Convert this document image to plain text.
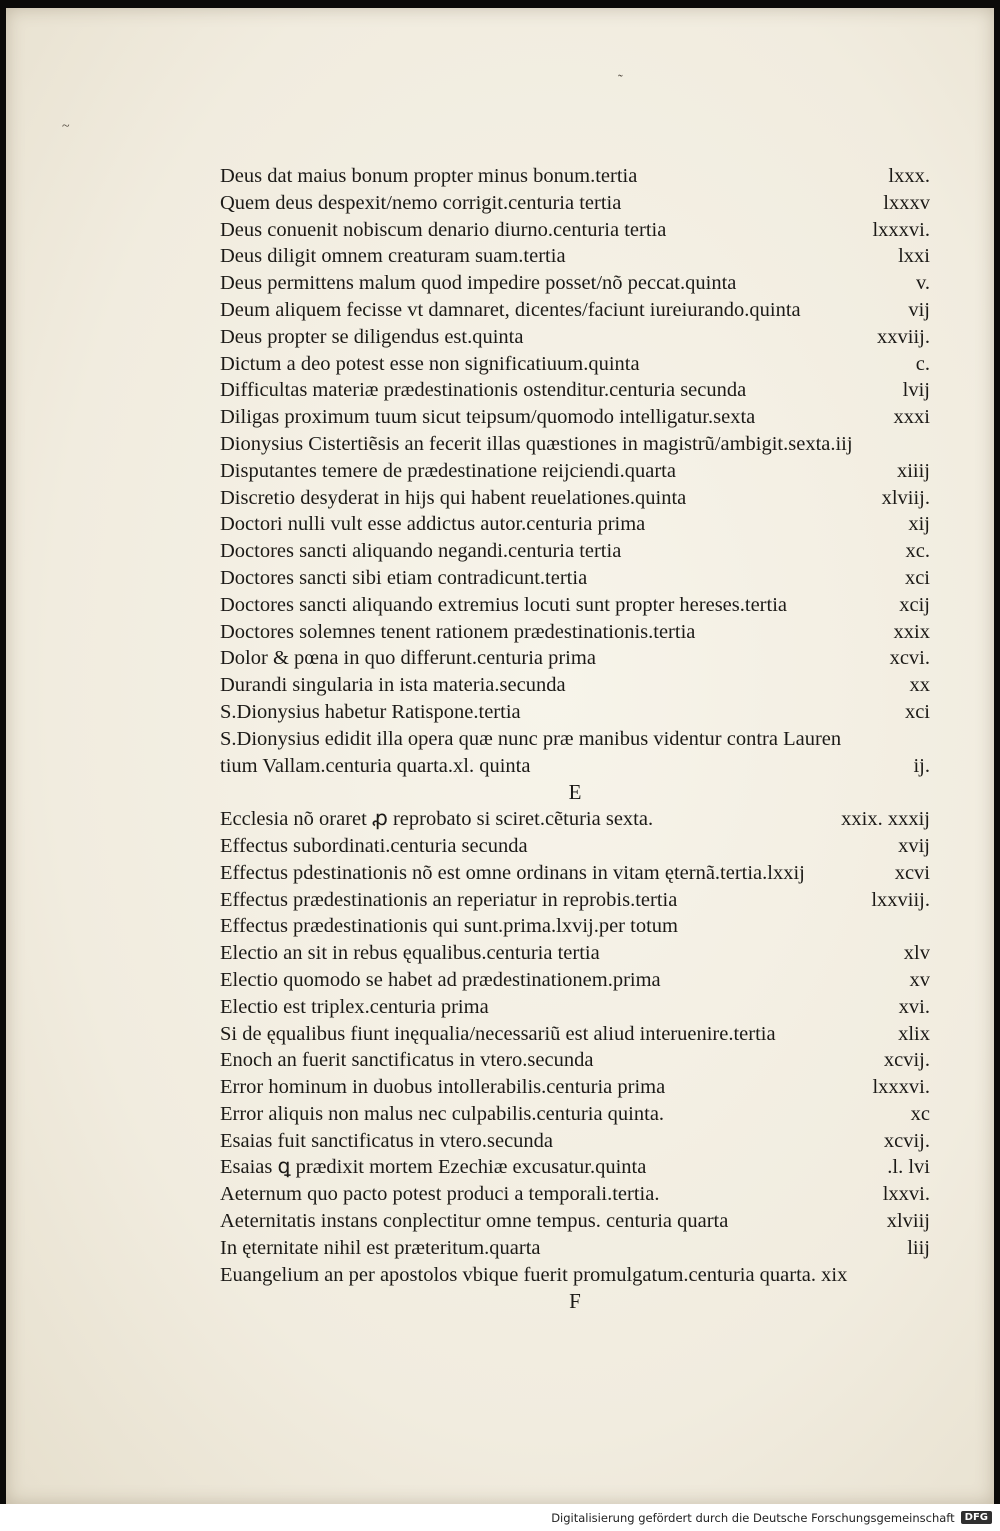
~
˜
Deus dat maius bonum propter minus bonum.tertia	lxxx.
Quem deus despexit/nemo corrigit.centuria tertia	lxxxv
Deus conuenit nobiscum denario diurno.centuria tertia	lxxxvi.
Deus diligit omnem creaturam suam.tertia	lxxi
Deus permittens malum quod impedire posset/nõ peccat.quinta	v.
Deum aliquem fecisse vt damnaret, dicentes/faciunt iureiurando.quinta	vij
Deus propter se diligendus est.quinta	xxviij.
Dictum a deo potest esse non significatiuum.quinta	c.
Difficultas materiæ prædestinationis ostenditur.centuria secunda	lvij
Diligas proximum tuum sicut teipsum/quomodo intelligatur.sexta	xxxi
Dionysius Cistertiẽsis an fecerit illas quæstiones in magistrũ/ambigit.sexta.iij
Disputantes temere de prædestinatione reijciendi.quarta	xiiij
Discretio desyderat in hijs qui habent reuelationes.quinta	xlviij.
Doctori nulli vult esse addictus autor.centuria prima	xij
Doctores sancti aliquando negandi.centuria tertia	xc.
Doctores sancti sibi etiam contradicunt.tertia	xci
Doctores sancti aliquando extremius locuti sunt propter hereses.tertia	xcij
Doctores solemnes tenent rationem prædestinationis.tertia	xxix
Dolor & pœna in quo differunt.centuria prima	xcvi.
Durandi singularia in ista materia.secunda	xx
S.Dionysius habetur Ratispone.tertia	xci
S.Dionysius edidit illa opera quæ nunc præ manibus videntur contra Lauren
tium Vallam.centuria quarta.xl. quinta	ij.
E
Ecclesia nõ oraret ꝓ reprobato si sciret.cẽturia sexta.	xxix. xxxij
Effectus subordinati.centuria secunda	xvij
Effectus pdestinationis nõ est omne ordinans in vitam ęternã.tertia.lxxij	xcvi
Effectus prædestinationis an reperiatur in reprobis.tertia	lxxviij.
Effectus prædestinationis qui sunt.prima.lxvij.per totum
Electio an sit in rebus ęqualibus.centuria tertia	xlv
Electio quomodo se habet ad prædestinationem.prima	xv
Electio est triplex.centuria prima	xvi.
Si de ęqualibus fiunt inęqualia/necessariũ est aliud interuenire.tertia	xlix
Enoch an fuerit sanctificatus in vtero.secunda	xcvij.
Error hominum in duobus intollerabilis.centuria prima	lxxxvi.
Error aliquis non malus nec culpabilis.centuria quinta.	xc
Esaias fuit sanctificatus in vtero.secunda	xcvij.
Esaias ꝗ prædixit mortem Ezechiæ excusatur.quinta	.l. lvi
Aeternum quo pacto potest produci a temporali.tertia.	lxxvi.
Aeternitatis instans conplectitur omne tempus. centuria quarta	xlviij
In ęternitate nihil est præteritum.quarta	liij
Euangelium an per apostolos vbique fuerit promulgatum.centuria quarta. xix
F
Digitalisierung gefördert durch die Deutsche Forschungsgemeinschaft	DFG
